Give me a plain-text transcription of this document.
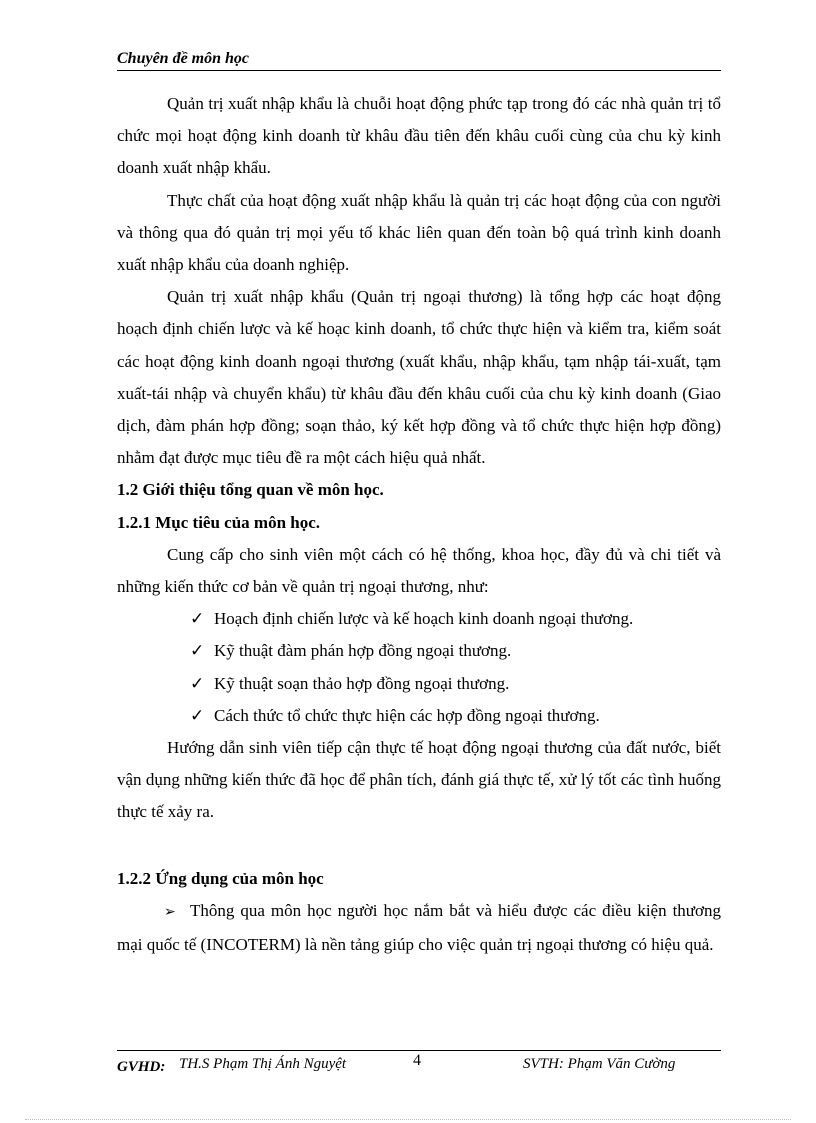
Chuyên đề môn học

Quản trị xuất nhập khẩu là chuỗi hoạt động phức tạp trong đó các nhà quản trị tổ chức mọi hoạt động kinh doanh từ khâu đầu tiên đến khâu cuối cùng của chu kỳ kinh doanh xuất nhập khẩu.

Thực chất của hoạt động xuất nhập khẩu là quản trị các hoạt động của con người và thông qua đó quản trị mọi yếu tố khác liên quan đến toàn bộ quá trình kinh doanh xuất nhập khẩu của doanh nghiệp.

Quản trị xuất nhập khẩu (Quản trị ngoại thương) là tổng hợp các hoạt động hoạch định chiến lược và kế hoạc kinh doanh, tổ chức thực hiện và kiểm tra, kiểm soát các hoạt động kinh doanh ngoại thương (xuất khẩu, nhập khẩu, tạm nhập tái-xuất, tạm xuất-tái nhập và chuyển khẩu) từ khâu đầu đến khâu cuối của chu kỳ kinh doanh (Giao dịch, đàm phán hợp đồng; soạn thảo, ký kết hợp đồng và tổ chức thực hiện hợp đồng) nhằm đạt được mục tiêu đề ra một cách hiệu quả nhất.

1.2 Giới thiệu tổng quan về môn học.

1.2.1 Mục tiêu của môn học.

Cung cấp cho sinh viên một cách có hệ thống, khoa học, đầy đủ và chi tiết và những kiến thức cơ bản về quản trị ngoại thương, như:

✓ Hoạch định chiến lược và kế hoạch kinh doanh ngoại thương.
✓ Kỹ thuật đàm phán hợp đồng ngoại thương.
✓ Kỹ thuật soạn thảo hợp đồng ngoại thương.
✓ Cách thức tổ chức thực hiện các hợp đồng ngoại thương.

Hướng dẫn sinh viên tiếp cận thực tế hoạt động ngoại thương của đất nước, biết vận dụng những kiến thức đã học để phân tích, đánh giá thực tế, xử lý tốt các tình huống thực tế xảy ra.

1.2.2 Ứng dụng của môn học

➢ Thông qua môn học người học nắm bắt và hiểu được các điều kiện thương mại quốc tế (INCOTERM) là nền tảng giúp cho việc quản trị ngoại thương có hiệu quả.
GVHD: TH.S Phạm Thị Ánh Nguyệt	4	SVTH: Phạm Văn Cường
